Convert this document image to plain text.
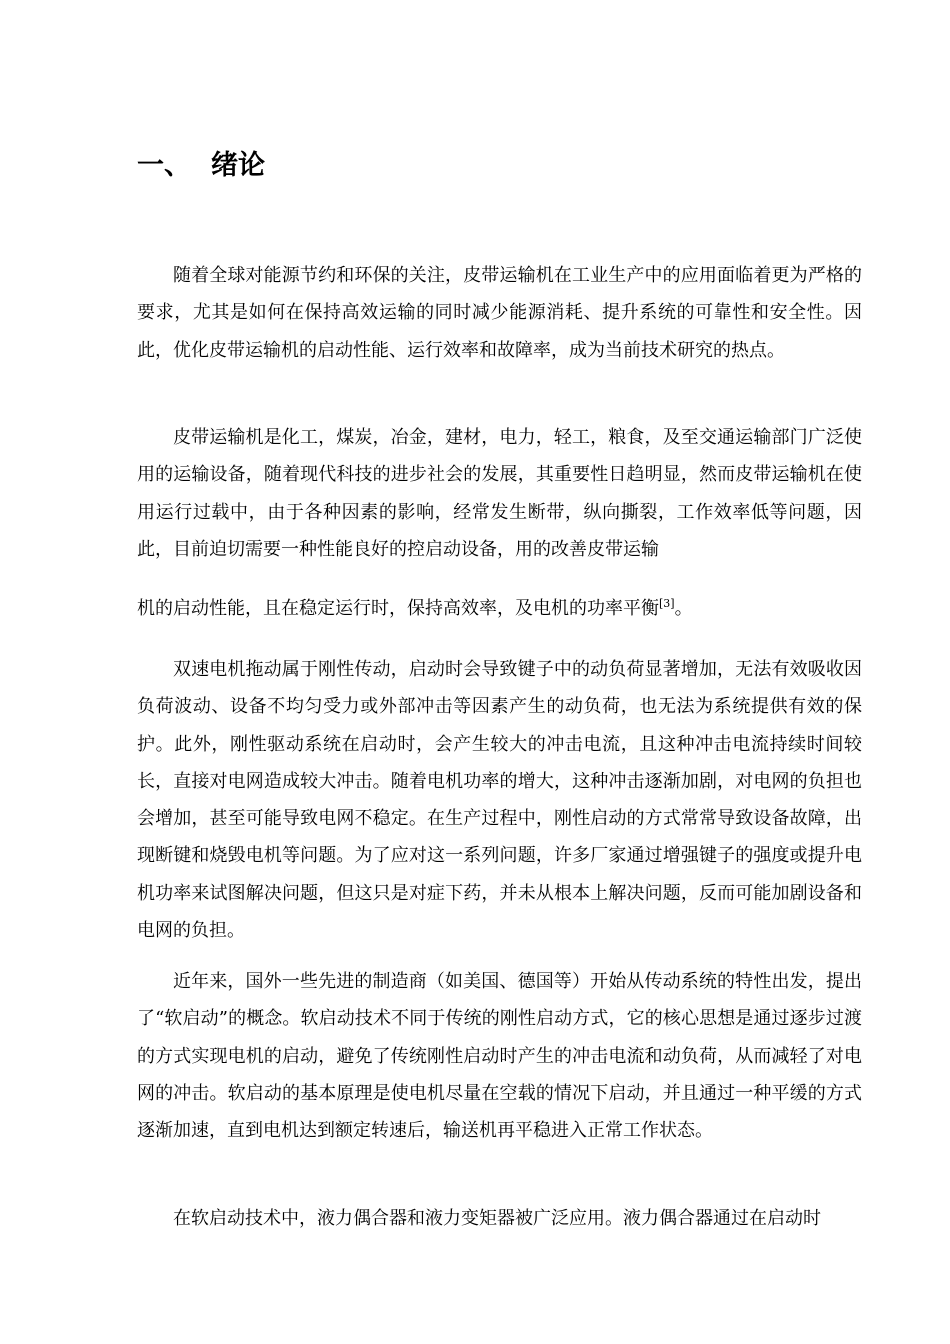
一、 绪论

随着全球对能源节约和环保的关注，皮带运输机在工业生产中的应用面临着更为严格的要求，尤其是如何在保持高效运输的同时减少能源消耗、提升系统的可靠性和安全性。因此，优化皮带运输机的启动性能、运行效率和故障率，成为当前技术研究的热点。

皮带运输机是化工，煤炭，冶金，建材，电力，轻工，粮食，及至交通运输部门广泛使用的运输设备，随着现代科技的进步社会的发展，其重要性日趋明显，然而皮带运输机在使用运行过载中，由于各种因素的影响，经常发生断带，纵向撕裂，工作效率低等问题，因此，目前迫切需要一种性能良好的控启动设备，用的改善皮带运输

机的启动性能，且在稳定运行时，保持高效率，及电机的功率平衡[3]。

双速电机拖动属于刚性传动，启动时会导致键子中的动负荷显著增加，无法有效吸收因负荷波动、设备不均匀受力或外部冲击等因素产生的动负荷，也无法为系统提供有效的保护。此外，刚性驱动系统在启动时，会产生较大的冲击电流，且这种冲击电流持续时间较长，直接对电网造成较大冲击。随着电机功率的增大，这种冲击逐渐加剧，对电网的负担也会增加，甚至可能导致电网不稳定。在生产过程中，刚性启动的方式常常导致设备故障，出现断键和烧毁电机等问题。为了应对这一系列问题，许多厂家通过增强键子的强度或提升电机功率来试图解决问题，但这只是对症下药，并未从根本上解决问题，反而可能加剧设备和电网的负担。

近年来，国外一些先进的制造商（如美国、德国等）开始从传动系统的特性出发，提出了“软启动”的概念。软启动技术不同于传统的刚性启动方式，它的核心思想是通过逐步过渡的方式实现电机的启动，避免了传统刚性启动时产生的冲击电流和动负荷，从而减轻了对电网的冲击。软启动的基本原理是使电机尽量在空载的情况下启动，并且通过一种平缓的方式逐渐加速，直到电机达到额定转速后，输送机再平稳进入正常工作状态。

在软启动技术中，液力偶合器和液力变矩器被广泛应用。液力偶合器通过在启动时
